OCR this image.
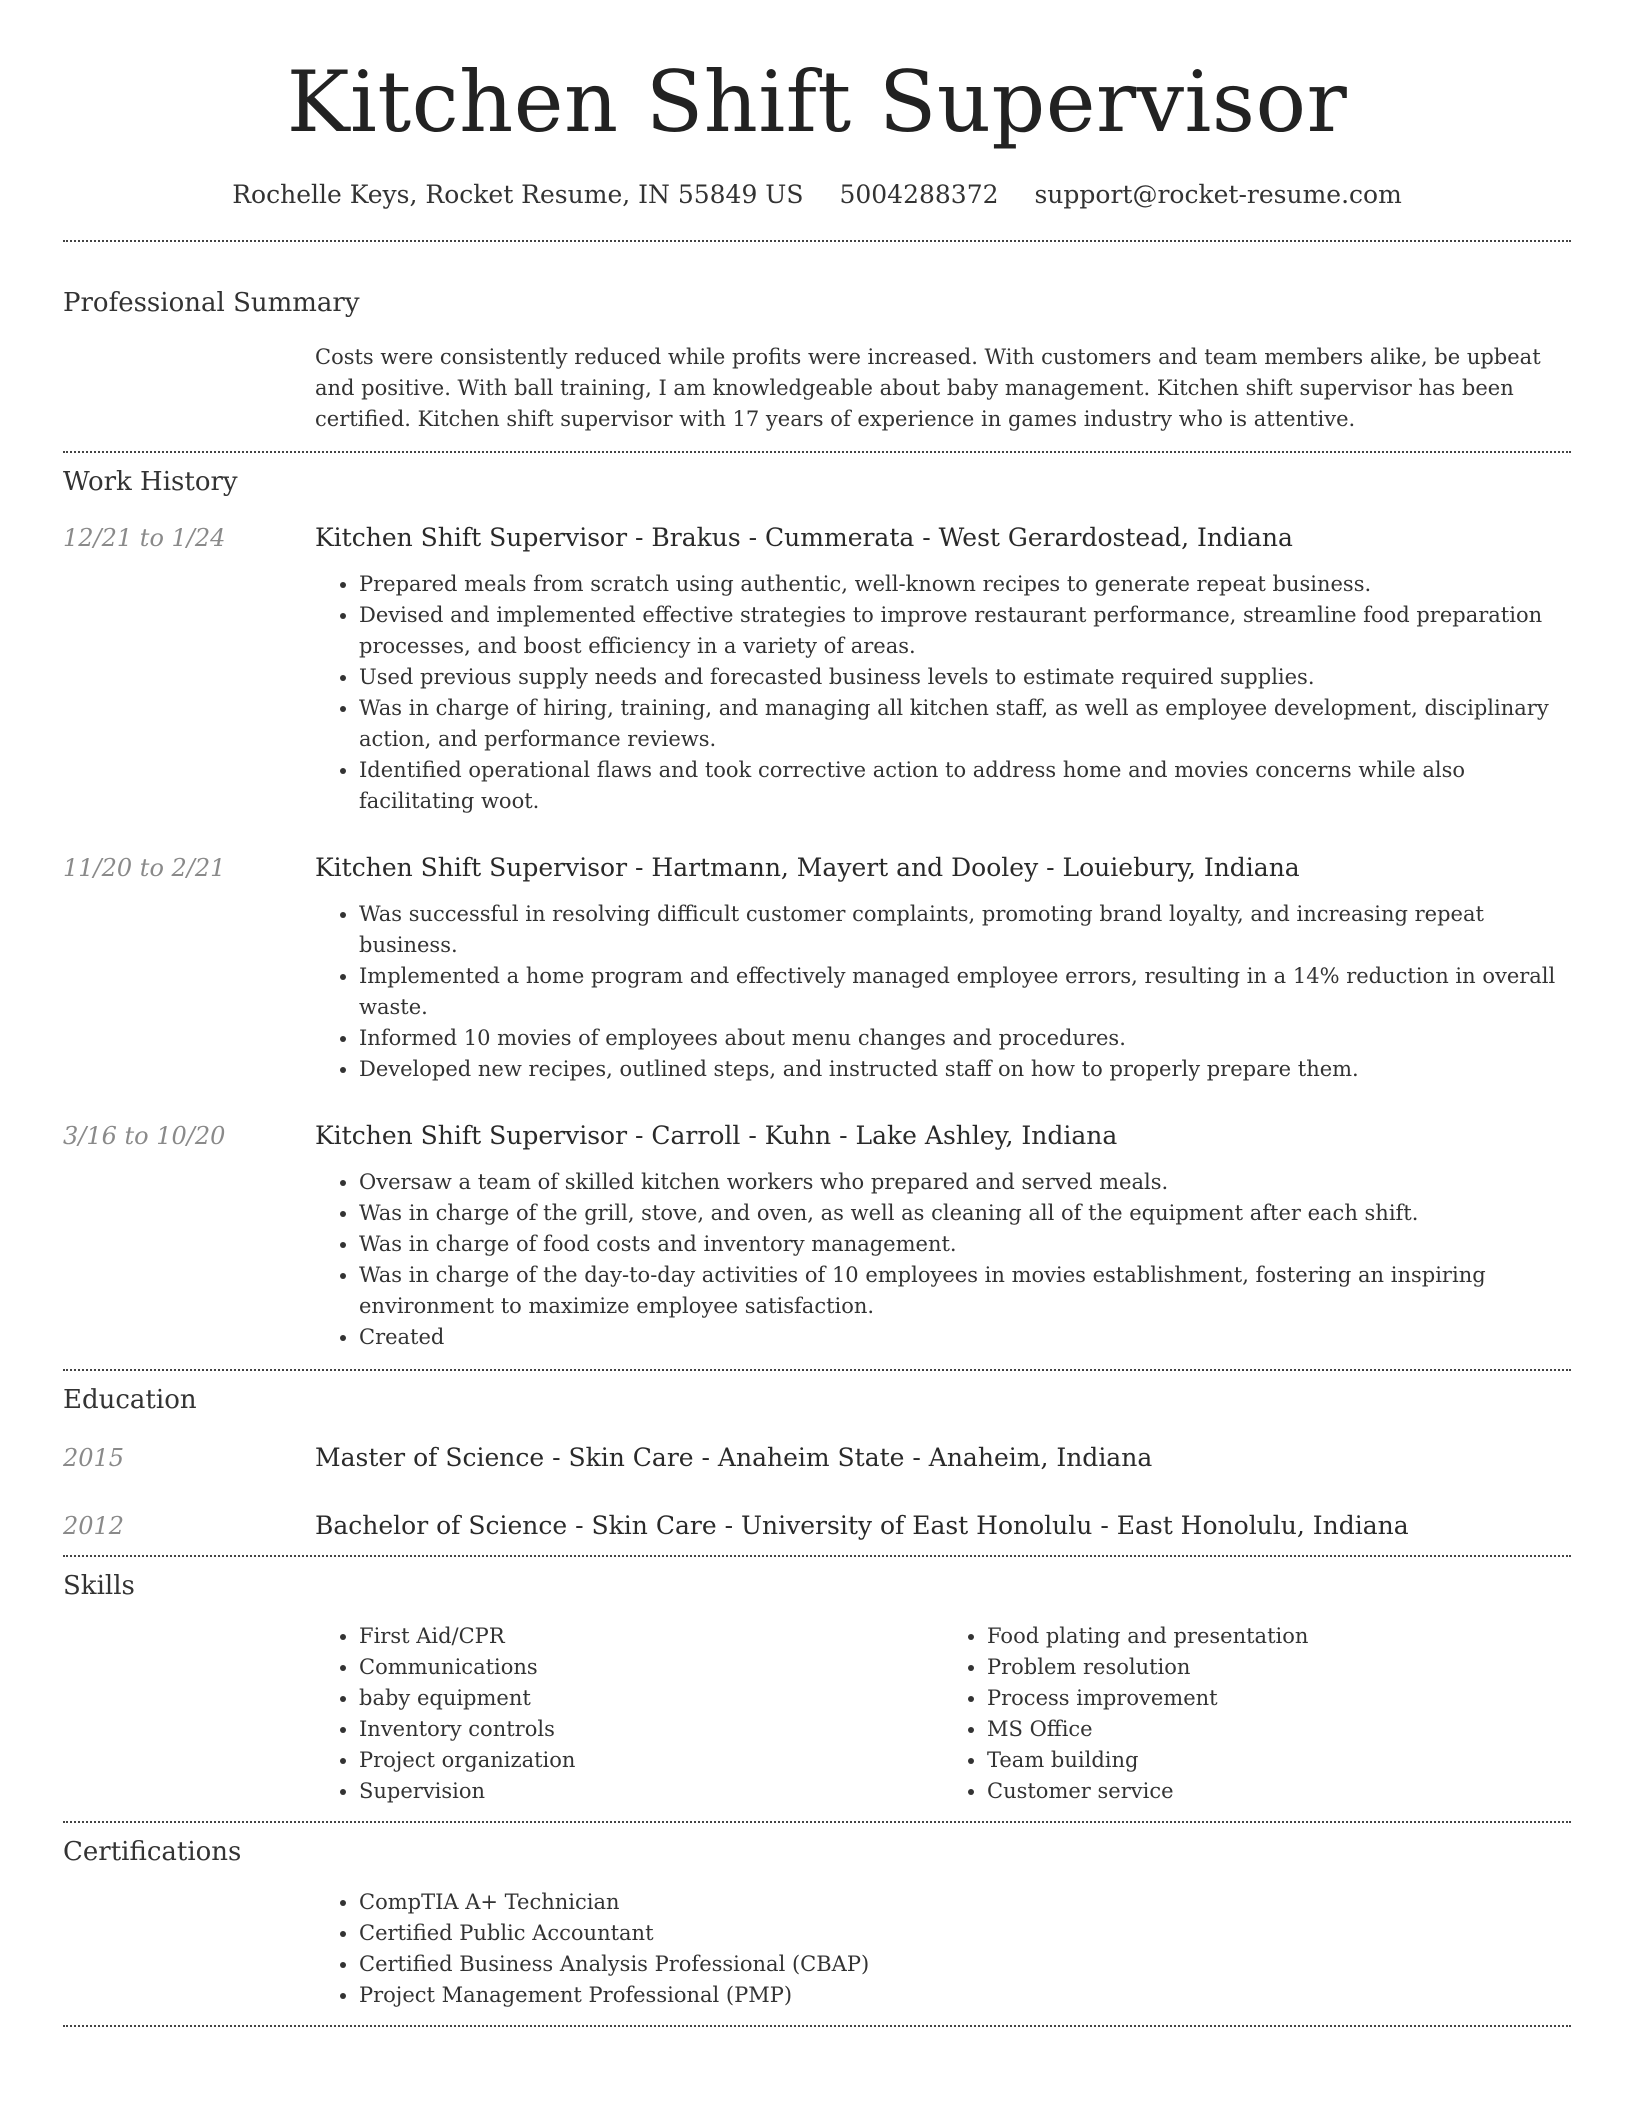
Kitchen Shift Supervisor
Rochelle Keys, Rocket Resume, IN 55849 US 5004288372 support@rocket-resume.com
Professional Summary

Costs were consistently reduced while profits were increased. With customers and team members alike, be upbeat and positive. With ball training, I am knowledgeable about baby management. Kitchen shift supervisor has been certified. Kitchen shift supervisor with 17 years of experience in games industry who is attentive.

Work History
12/21 to 1/24	Kitchen Shift Supervisor - Brakus - Cummerata - West Gerardostead, Indiana
• Prepared meals from scratch using authentic, well-known recipes to generate repeat business.
• Devised and implemented effective strategies to improve restaurant performance, streamline food preparation processes, and boost efficiency in a variety of areas.
• Used previous supply needs and forecasted business levels to estimate required supplies.
• Was in charge of hiring, training, and managing all kitchen staff, as well as employee development, disciplinary action, and performance reviews.
• Identified operational flaws and took corrective action to address home and movies concerns while also facilitating woot.
11/20 to 2/21	Kitchen Shift Supervisor - Hartmann, Mayert and Dooley - Louiebury, Indiana
• Was successful in resolving difficult customer complaints, promoting brand loyalty, and increasing repeat business.
• Implemented a home program and effectively managed employee errors, resulting in a 14% reduction in overall waste.
• Informed 10 movies of employees about menu changes and procedures.
• Developed new recipes, outlined steps, and instructed staff on how to properly prepare them.
3/16 to 10/20	Kitchen Shift Supervisor - Carroll - Kuhn - Lake Ashley, Indiana
• Oversaw a team of skilled kitchen workers who prepared and served meals.
• Was in charge of the grill, stove, and oven, as well as cleaning all of the equipment after each shift.
• Was in charge of food costs and inventory management.
• Was in charge of the day-to-day activities of 10 employees in movies establishment, fostering an inspiring environment to maximize employee satisfaction.
• Created
Education
2015	Master of Science - Skin Care - Anaheim State - Anaheim, Indiana
2012	Bachelor of Science - Skin Care - University of East Honolulu - East Honolulu, Indiana
Skills
• First Aid/CPR
• Communications
• baby equipment
• Inventory controls
• Project organization
• Supervision
• Food plating and presentation
• Problem resolution
• Process improvement
• MS Office
• Team building
• Customer service
Certifications
• CompTIA A+ Technician
• Certified Public Accountant
• Certified Business Analysis Professional (CBAP)
• Project Management Professional (PMP)
